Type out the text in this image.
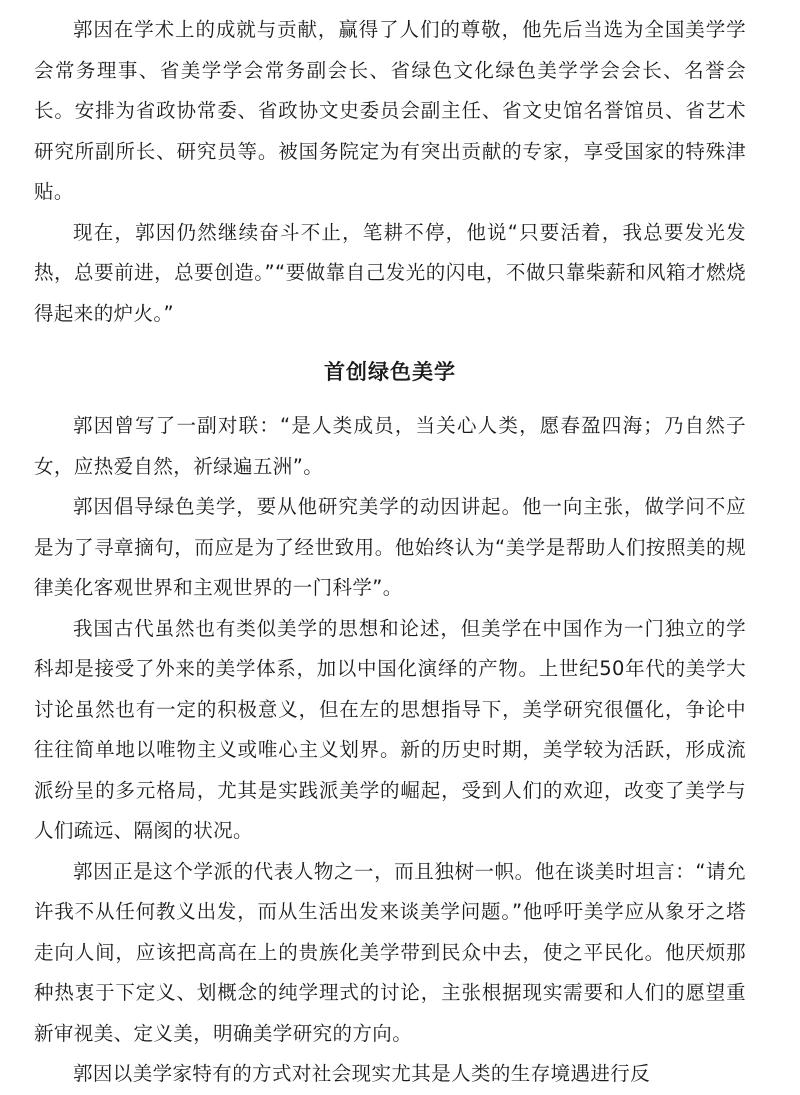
郭因在学术上的成就与贡献，赢得了人们的尊敬，他先后当选为全国美学学会常务理事、省美学学会常务副会长、省绿色文化绿色美学学会会长、名誉会长。安排为省政协常委、省政协文史委员会副主任、省文史馆名誉馆员、省艺术研究所副所长、研究员等。被国务院定为有突出贡献的专家，享受国家的特殊津贴。

现在，郭因仍然继续奋斗不止，笔耕不停，他说“只要活着，我总要发光发热，总要前进，总要创造。”“要做靠自己发光的闪电，不做只靠柴薪和风箱才燃烧得起来的炉火。”

首创绿色美学

郭因曾写了一副对联：“是人类成员，当关心人类，愿春盈四海；乃自然子女，应热爱自然，祈绿遍五洲”。

郭因倡导绿色美学，要从他研究美学的动因讲起。他一向主张，做学问不应是为了寻章摘句，而应是为了经世致用。他始终认为“美学是帮助人们按照美的规律美化客观世界和主观世界的一门科学”。

我国古代虽然也有类似美学的思想和论述，但美学在中国作为一门独立的学科却是接受了外来的美学体系，加以中国化演绎的产物。上世纪50年代的美学大讨论虽然也有一定的积极意义，但在左的思想指导下，美学研究很僵化，争论中往往简单地以唯物主义或唯心主义划界。新的历史时期，美学较为活跃，形成流派纷呈的多元格局，尤其是实践派美学的崛起，受到人们的欢迎，改变了美学与人们疏远、隔阂的状况。

郭因正是这个学派的代表人物之一，而且独树一帜。他在谈美时坦言：“请允许我不从任何教义出发，而从生活出发来谈美学问题。”他呼吁美学应从象牙之塔走向人间，应该把高高在上的贵族化美学带到民众中去，使之平民化。他厌烦那种热衷于下定义、划概念的纯学理式的讨论，主张根据现实需要和人们的愿望重新审视美、定义美，明确美学研究的方向。

郭因以美学家特有的方式对社会现实尤其是人类的生存境遇进行反
